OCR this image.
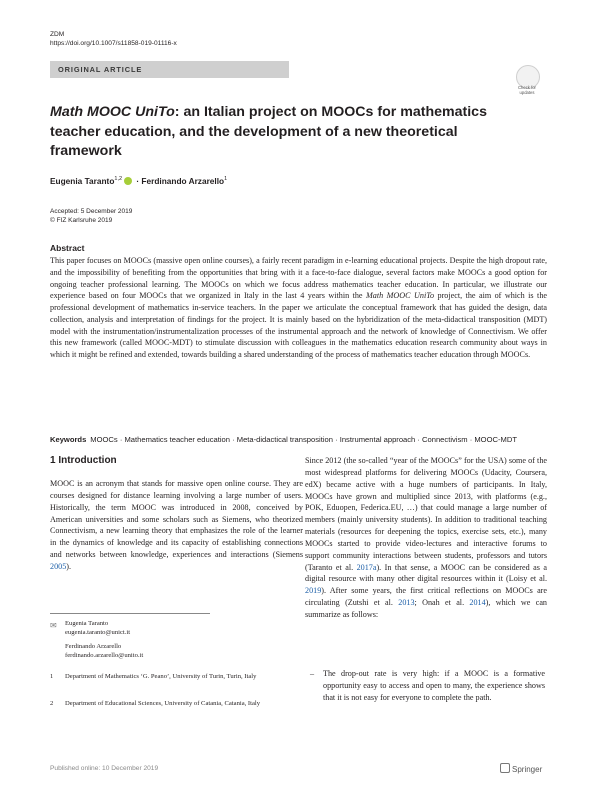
ZDM
https://doi.org/10.1007/s11858-019-01116-x
ORIGINAL ARTICLE
Check for updates
Math MOOC UniTo: an Italian project on MOOCs for mathematics teacher education, and the development of a new theoretical framework
Eugenia Taranto$^{1,2}$ · Ferdinando Arzarello$^1$
Accepted: 5 December 2019
© FIZ Karlsruhe 2019
Abstract
This paper focuses on MOOCs (massive open online courses), a fairly recent paradigm in e-learning educational projects. Despite the high dropout rate, and the impossibility of benefiting from the opportunities that bring with it a face-to-face dialogue, several factors make MOOCs a good option for ongoing teacher professional learning. The MOOCs on which we focus address mathematics teacher education. In particular, we illustrate our experience based on four MOOCs that we organized in Italy in the last 4 years within the Math MOOC UniTo project, the aim of which is the professional development of mathematics in-service teachers. In the paper we articulate the conceptual framework that has guided the design, data collection, analysis and interpretation of findings for the project. It is mainly based on the hybridization of the meta-didactical transposition (MDT) model with the instrumentation/instrumentalization processes of the instrumental approach and the network of knowledge of Connectivism. We offer this new framework (called MOOC-MDT) to stimulate discussion with colleagues in the mathematics education research community about ways in which it might be refined and extended, towards building a shared understanding of the process of mathematics teacher education through MOOCs.
Keywords MOOCs · Mathematics teacher education · Meta-didactical transposition · Instrumental approach · Connectivism · MOOC-MDT
1 Introduction
MOOC is an acronym that stands for massive open online course. They are courses designed for distance learning involving a large number of users. Historically, the term MOOC was introduced in 2008, conceived by American universities and some scholars such as Siemens, who theorized Connectivism, a new learning theory that emphasizes the role of the learner in the dynamics of knowledge and its capacity of establishing connections and networks between knowledge, experiences and interactions (Siemens 2005).
Since 2012 (the so-called “year of the MOOCs” for the USA) some of the most widespread platforms for delivering MOOCs (Udacity, Coursera, edX) became active with a huge numbers of participants. In Italy, MOOCs have grown and multiplied since 2013, with platforms (e.g., POK, Eduopen, Federica.EU, …) that could manage a large number of members (mainly university students). In addition to traditional teaching materials (resources for deepening the topics, exercise sets, etc.), many MOOCs started to provide video-lectures and interactive forums to support community interactions between students, professors and tutors (Taranto et al. 2017a). In that sense, a MOOC can be considered as a digital resource with many other digital resources within it (Loisy et al. 2019). After some years, the first critical reflections on MOOCs are circulating (Zutshi et al. 2013; Onah et al. 2014), which we can summarize as follows:
– The drop-out rate is very high: if a MOOC is a formative opportunity easy to access and open to many, the experience shows that it is not easy for everyone to complete the path.
✉ Eugenia Taranto
eugenia.taranto@unict.it
Ferdinando Arzarello
ferdinando.arzarello@unito.it
1 Department of Mathematics ‘G. Peano’, University of Turin, Turin, Italy
2 Department of Educational Sciences, University of Catania, Catania, Italy
Published online: 10 December 2019	Springer
